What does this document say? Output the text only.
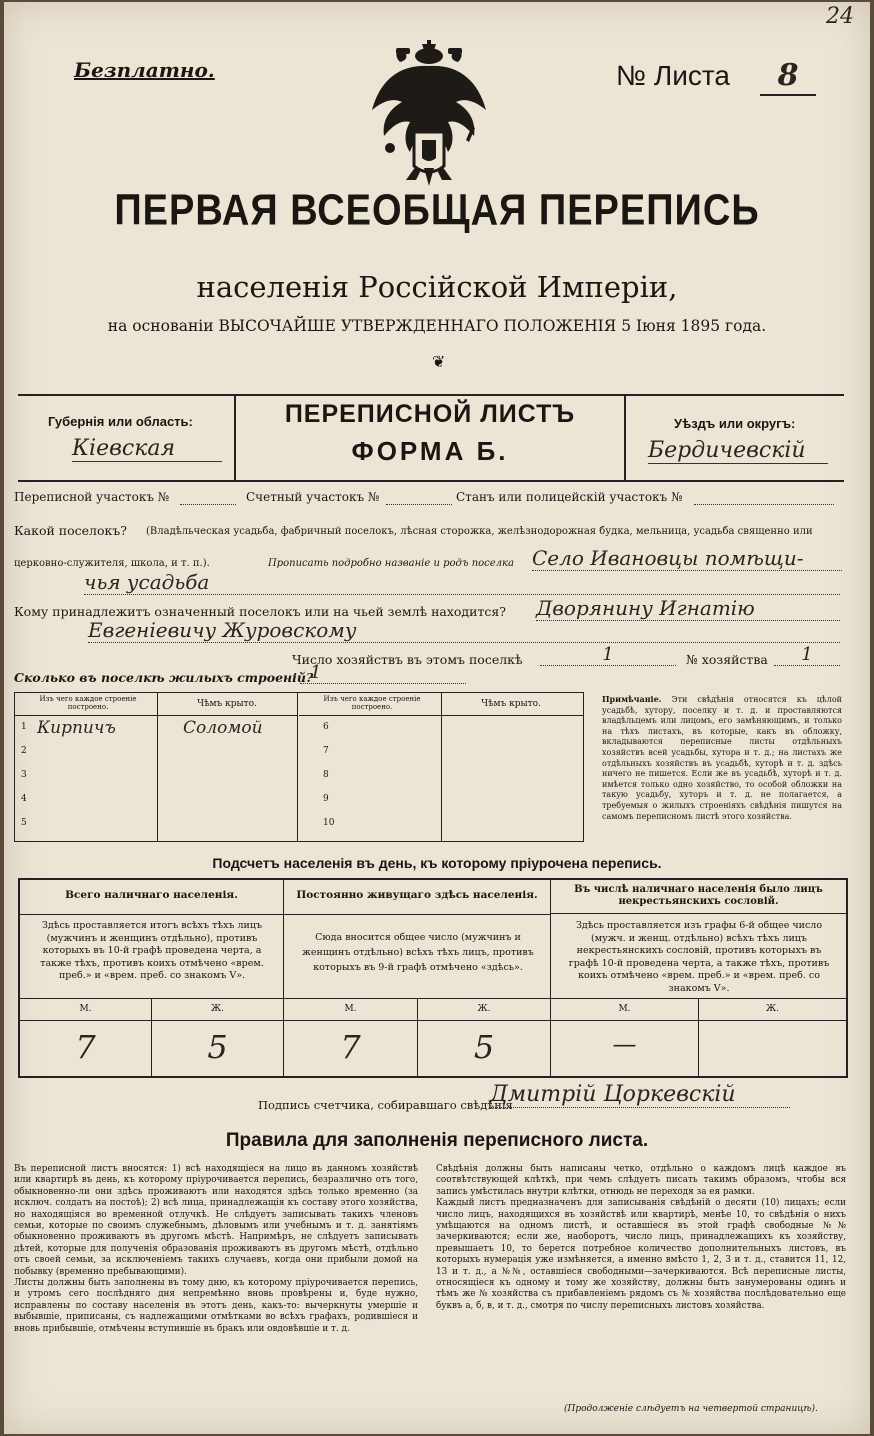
24
Безплатно.	№ Листа	8
ПЕРВАЯ ВСЕОБЩАЯ ПЕРЕПИСЬ
населенія Россійской Имперіи,
на основаніи ВЫСОЧАЙШЕ УТВЕРЖДЕННАГО ПОЛОЖЕНІЯ 5 Іюня 1895 года.
❦
ПЕРЕПИСНОЙ ЛИСТЪ
ФОРМА Б.
Губернія или область:
Кіевская
Уѣздъ или округъ:
Бердичевскій
Переписной участокъ №	Счетный участокъ №	Станъ или полицейскій участокъ №
Какой поселокъ? (Владѣльческая усадьба, фабричный поселокъ, лѣсная сторожка, желѣзнодорожная будка, мельница, усадьба священно или
церковно-служителя, школа, и т. п.).	Прописать подробно названіе и родъ поселка Село Ивановцы помѣщи-
чья усадьба
Кому принадлежитъ означенный поселокъ или на чьей землѣ находится? Дворянину Игнатію
Евгеніевичу Журовскому
Число хозяйствъ въ этомъ поселкѣ	1	№ хозяйства	1
Сколько въ поселкѣ жилыхъ строеній?
1
Изъ чего каждое строеніе построено.	Чѣмъ крыто.
1 Кирпичъ	Соломой
2
3
4
5
Изъ чего каждое строеніе построено.	Чѣмъ крыто.
6
7
8
9
10
Примѣчаніе. Эти свѣдѣнія относятся къ цѣлой усадьбѣ, хутору, поселку и т. д. и проставляются владѣльцемъ или лицомъ, его замѣняющимъ, и только на тѣхъ листахъ, въ которые, какъ въ обложку, вкладываются переписные листы отдѣльныхъ хозяйствъ всей усадьбы, хутора и т. д.; на листахъ же отдѣльныхъ хозяйствъ въ усадьбѣ, хуторѣ и т. д. здѣсь ничего не пишется. Если же въ усадьбѣ, хуторѣ и т. д. имѣется только одно хозяйство, то особой обложки на такую усадьбу, хуторъ и т. д. не полагается, а требуемыя о жилыхъ строеніяхъ свѣдѣнія пишутся на самомъ переписномъ листѣ этого хозяйства.
Подсчетъ населенія въ день, къ которому пріурочена перепись.
Всего наличнаго населенія.
Здѣсь проставляется итогъ всѣхъ тѣхъ лицъ (мужчинъ и женщинъ отдѣльно), противъ которыхъ въ 10-й графѣ проведена черта, а также тѣхъ, противъ коихъ отмѣчено «врем. преб.» и «врем. преб. со знакомъ V».
Постоянно живущаго здѣсь населенія.
Сюда вносится общее число (мужчинъ и женщинъ отдѣльно) всѣхъ тѣхъ лицъ, противъ которыхъ въ 9-й графѣ отмѣчено «здѣсь».
Въ числѣ наличнаго населенія было лицъ некрестьянскихъ сословій.
Здѣсь проставляется изъ графы 6-й общее число (мужч. и женщ. отдѣльно) всѣхъ тѣхъ лицъ некрестьянскихъ сословій, противъ которыхъ въ графѣ 10-й проведена черта, а также тѣхъ, противъ коихъ отмѣчено «врем. преб.» и «врем. преб. со знакомъ V».
М.	Ж.	М.	Ж.	М.	Ж.
7	5	7	5	—
Подпись счетчика, собиравшаго свѣдѣнія
Дмитрій Цоркевскій
Правила для заполненія переписного листа.
Въ переписной листъ вносятся: 1) всѣ находящіеся на лицо въ данномъ хозяйствѣ или квартирѣ въ день, къ которому пріурочивается перепись, безразлично отъ того, обыкновенно-ли они здѣсь проживаютъ или находятся здѣсь только временно (за исключ. солдатъ на постоѣ); 2) всѣ лица, принадлежащія къ составу этого хозяйства, но находящіяся во временной отлучкѣ. Не слѣдуетъ записывать такихъ членовъ семьи, которые по своимъ служебнымъ, дѣловымъ или учебнымъ и т. д. занятіямъ обыкновенно проживаютъ въ другомъ мѣстѣ. Напримѣръ, не слѣдуетъ записывать дѣтей, которые для полученія образованія проживаютъ въ другомъ мѣстѣ, отдѣльно отъ своей семьи, за исключеніемъ такихъ случаевъ, когда они прибыли домой на побывку (временно пребывающими).
Листы должны быть заполнены въ тому дню, къ которому пріурочивается перепись, и утромъ сего послѣдняго дня непремѣнно вновь провѣрены и, буде нужно, исправлены по составу населенія въ этотъ день, какъ-то: вычеркнуты умершіе и выбывшіе, приписаны, съ надлежащими отмѣтками во всѣхъ графахъ, родившіеся и вновь прибывшіе, отмѣчены вступившіе въ бракъ или овдовѣвшіе и т. д.
Свѣдѣнія должны быть написаны четко, отдѣльно о каждомъ лицѣ каждое въ соотвѣтствующей клѣткѣ, при чемъ слѣдуетъ писать такимъ образомъ, чтобы вся запись умѣстилась внутри клѣтки, отнюдь не переходя за ея рамки.
Каждый листъ предназначенъ для записыванія свѣдѣній о десяти (10) лицахъ; если число лицъ, находящихся въ хозяйствѣ или квартирѣ, менѣе 10, то свѣдѣнія о нихъ умѣщаются на одномъ листѣ, и оставшіеся въ этой графѣ свободные №№ зачеркиваются; если же, наоборотъ, число лицъ, принадлежащихъ къ хозяйству, превышаетъ 10, то берется потребное количество дополнительныхъ листовъ, въ которыхъ нумерація уже измѣняется, а именно вмѣсто 1, 2, 3 и т. д., ставится 11, 12, 13 и т. д., а №№, оставшіеся свободными—зачеркиваются. Всѣ переписные листы, относящіеся къ одному и тому же хозяйству, должны быть занумерованы одинъ и тѣмъ же № хозяйства съ прибавленіемъ рядомъ съ № хозяйства послѣдовательно еще буквъ а, б, в, и т. д., смотря по числу переписныхъ листовъ хозяйства.
(Продолженіе слѣдуетъ на четвертой страницѣ).
